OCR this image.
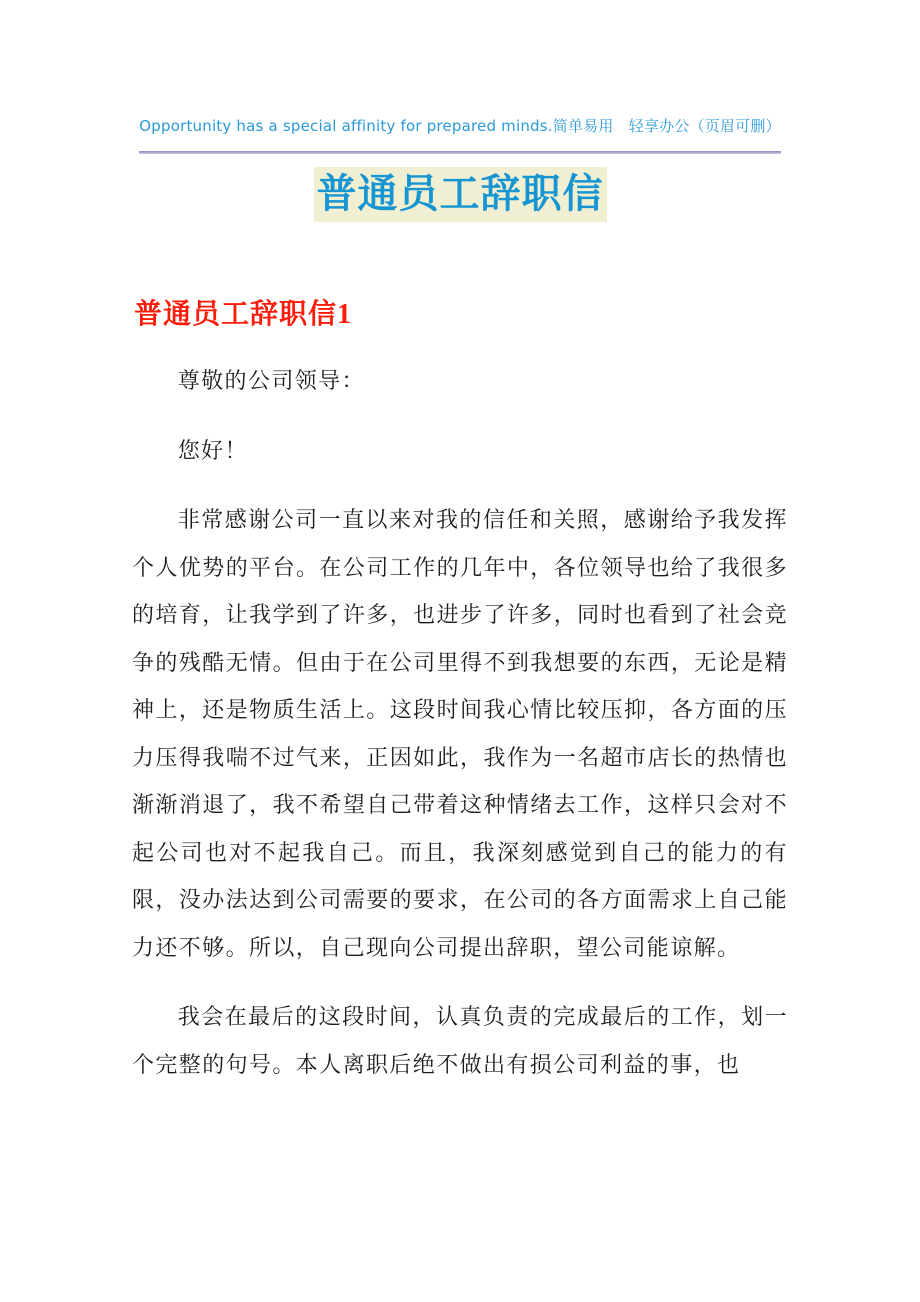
Opportunity has a special affinity for prepared minds.简单易用　轻享办公（页眉可删）
普通员工辞职信
普通员工辞职信1

尊敬的公司领导：

您好！

非常感谢公司一直以来对我的信任和关照，感谢给予我发挥个人优势的平台。在公司工作的几年中，各位领导也给了我很多的培育，让我学到了许多，也进步了许多，同时也看到了社会竞争的残酷无情。但由于在公司里得不到我想要的东西，无论是精神上，还是物质生活上。这段时间我心情比较压抑，各方面的压力压得我喘不过气来，正因如此，我作为一名超市店长的热情也渐渐消退了，我不希望自己带着这种情绪去工作，这样只会对不起公司也对不起我自己。而且，我深刻感觉到自己的能力的有限，没办法达到公司需要的要求，在公司的各方面需求上自己能力还不够。所以，自己现向公司提出辞职，望公司能谅解。

我会在最后的这段时间，认真负责的完成最后的工作，划一个完整的句号。本人离职后绝不做出有损公司利益的事，也
